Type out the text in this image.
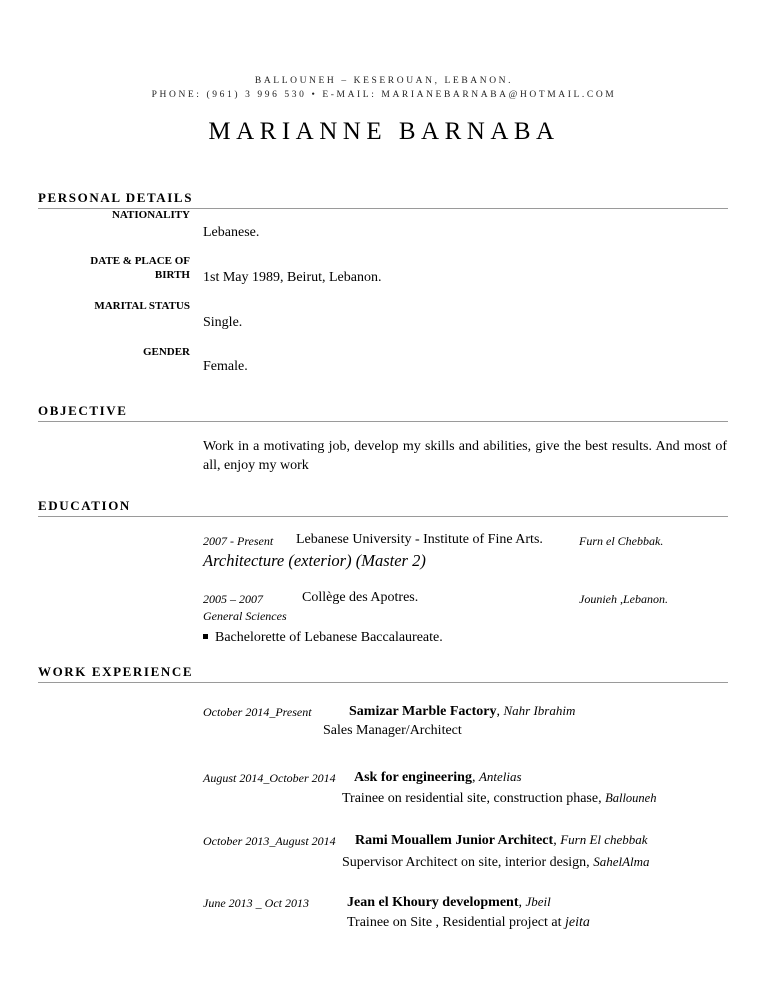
BALLOUNEH – KESEROUAN, LEBANON.
PHONE: (961) 3 996 530 • E-MAIL: MARIANEBARNABA@HOTMAIL.COM
MARIANNE BARNABA
PERSONAL DETAILS
NATIONALITY
Lebanese.
DATE & PLACE OF
BIRTH 1st May 1989, Beirut, Lebanon.
MARITAL STATUS
Single.
GENDER
Female.
OBJECTIVE
Work in a motivating job, develop my skills and abilities, give the best results. And most of all, enjoy my work
EDUCATION
2007 - Present Lebanese University - Institute of Fine Arts.	Furn el Chebbak.
Architecture (exterior) (Master 2)
2005 – 2007	Collège des Apotres.	Jounieh ,Lebanon.
General Sciences
Bachelorette of Lebanese Baccalaureate.
WORK EXPERIENCE
October 2014_Present	Samizar Marble Factory, Nahr Ibrahim
Sales Manager/Architect
August 2014_October 2014 Ask for engineering, Antelias
Trainee on residential site, construction phase, Ballouneh
October 2013_August 2014 Rami Mouallem Junior Architect, Furn El chebbak
Supervisor Architect on site, interior design, SahelAlma
June 2013 _ Oct 2013	Jean el Khoury development, Jbeil
Trainee on Site , Residential project at jeita
